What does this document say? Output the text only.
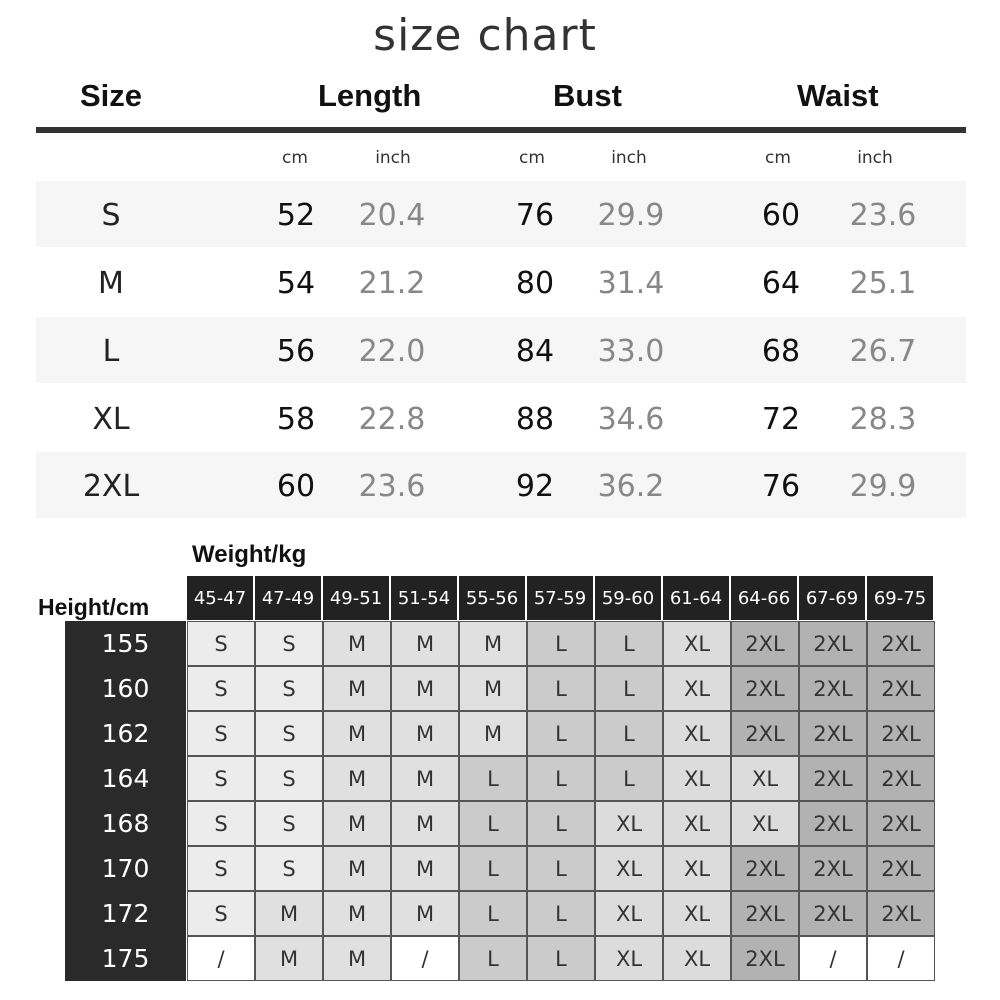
size chart
Size	Length	Bust	Waist
cm	inch	cm	inch	cm	inch
S	52	20.4	76	29.9	60	23.6
M	54	21.2	80	31.4	64	25.1
L	56	22.0	84	33.0	68	26.7
XL	58	22.8	88	34.6	72	28.3
2XL	60	23.6	92	36.2	76	29.9
Weight/kg
Height/cm	45-47 47-49 49-51 51-54 55-56 57-59 59-60 61-64 64-66 67-69 69-75
155	S	S	M	M	M	L	L	XL	2XL	2XL	2XL
160	S	S	M	M	M	L	L	XL	2XL	2XL	2XL
162	S	S	M	M	M	L	L	XL	2XL	2XL	2XL
164	S	S	M	M	L	L	L	XL	XL	2XL	2XL
168	S	S	M	M	L	L	XL	XL	XL	2XL	2XL
170	S	S	M	M	L	L	XL	XL	2XL	2XL	2XL
172	S	M	M	M	L	L	XL	XL	2XL	2XL	2XL
175	/	M	M	/	L	L	XL	XL	2XL	/	/
